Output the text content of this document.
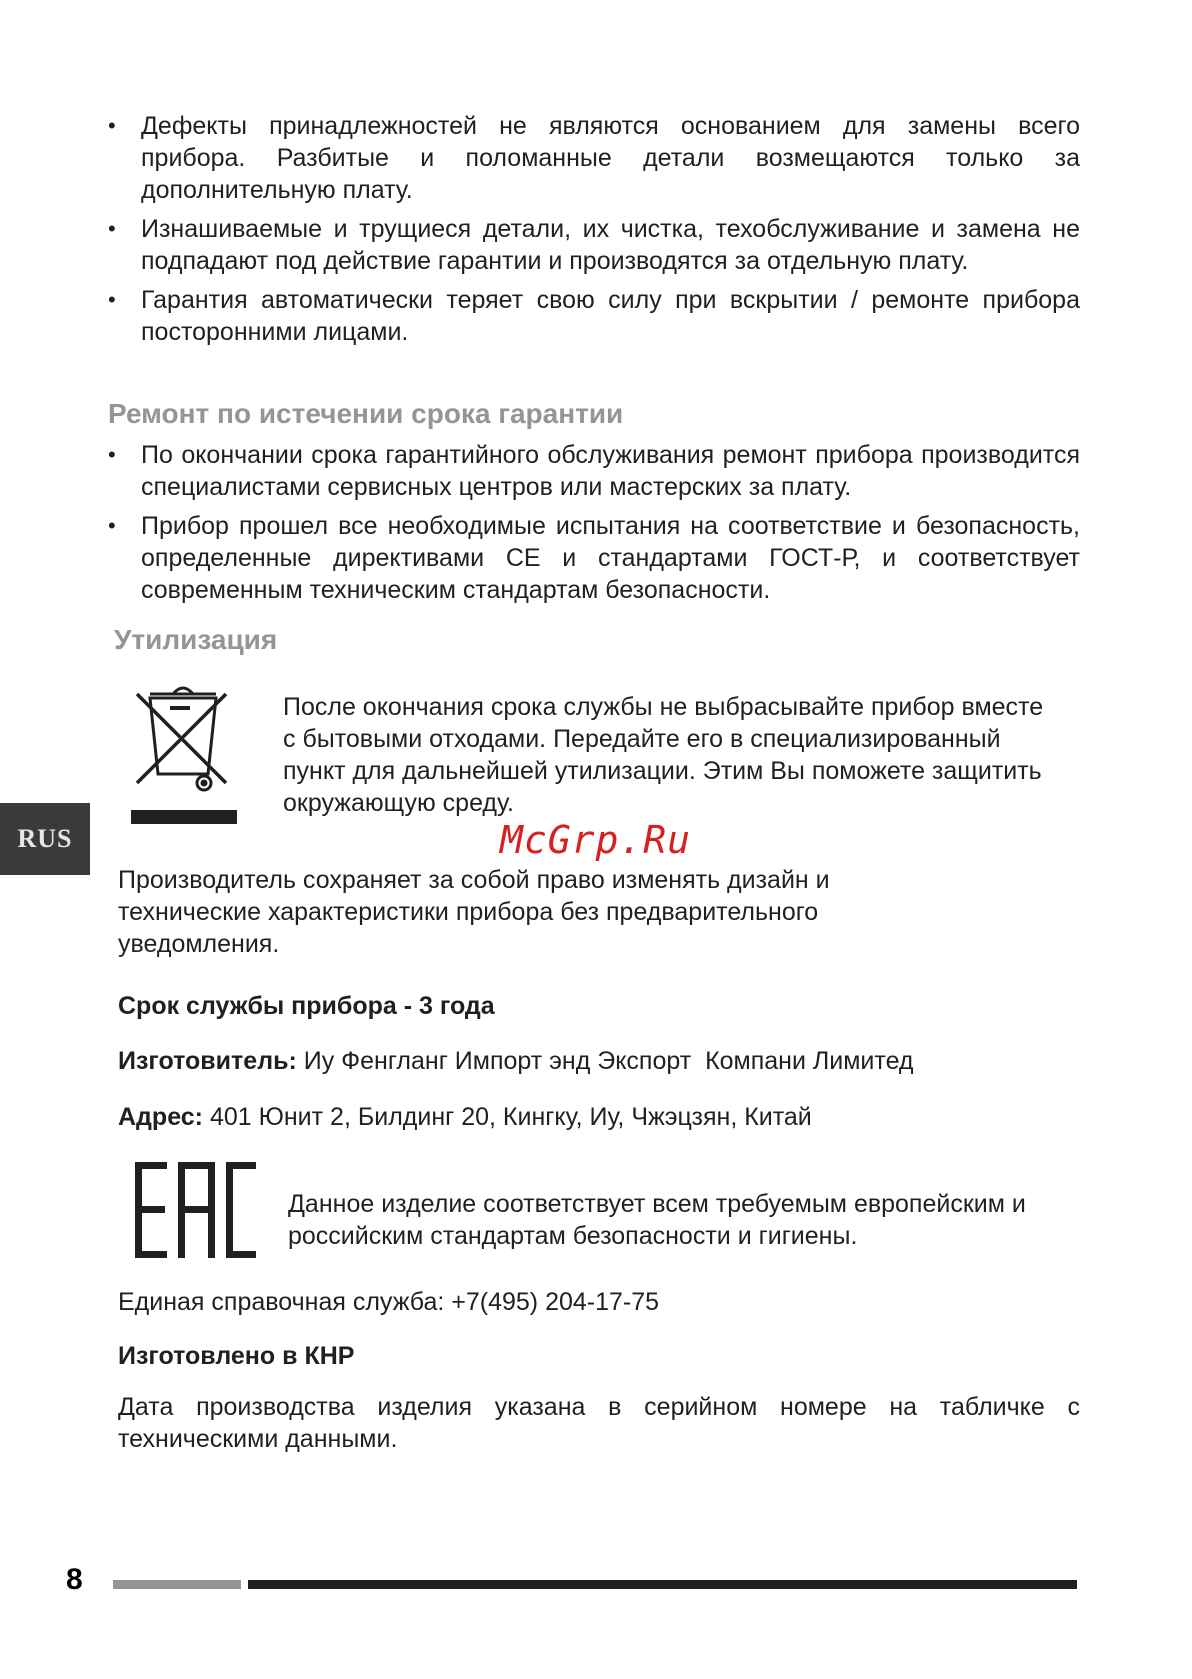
• Дефекты принадлежностей не являются основанием для замены всего прибора. Разбитые и поломанные детали возмещаются только за дополнительную плату.
• Изнашиваемые и трущиеся детали, их чистка, техобслуживание и замена не подпадают под действие гарантии и производятся за отдельную плату.
• Гарантия автоматически теряет свою силу при вскрытии / ремонте прибора посторонними лицами.
Ремонт по истечении срока гарантии
• По окончании срока гарантийного обслуживания ремонт прибора производится специалистами сервисных центров или мастерских за плату.
• Прибор прошел все необходимые испытания на соответствие и безопасность, определенные директивами CE и стандартами ГОСТ-Р, и соответствует современным техническим стандартам безопасности.
Утилизация

После окончания срока службы не выбрасывайте прибор вместе с бытовыми отходами. Передайте его в специализированный пункт для дальнейшей утилизации. Этим Вы поможете защитить окружающую среду.

RUS	McGrp.Ru

Производитель сохраняет за собой право изменять дизайн и технические характеристики прибора без предварительного уведомления.

Срок службы прибора - 3 года

Изготовитель: Иу Фенгланг Импорт энд Экспорт  Компани Лимитед

Адрес: 401 Юнит 2, Билдинг 20, Кингку, Иу, Чжэцзян, Китай

Данное изделие соответствует всем требуемым европейским и российским стандартам безопасности и гигиены.

Единая справочная служба: +7(495) 204-17-75

Изготовлено в КНР

Дата производства изделия указана в серийном номере на табличке с техническими данными.

8
